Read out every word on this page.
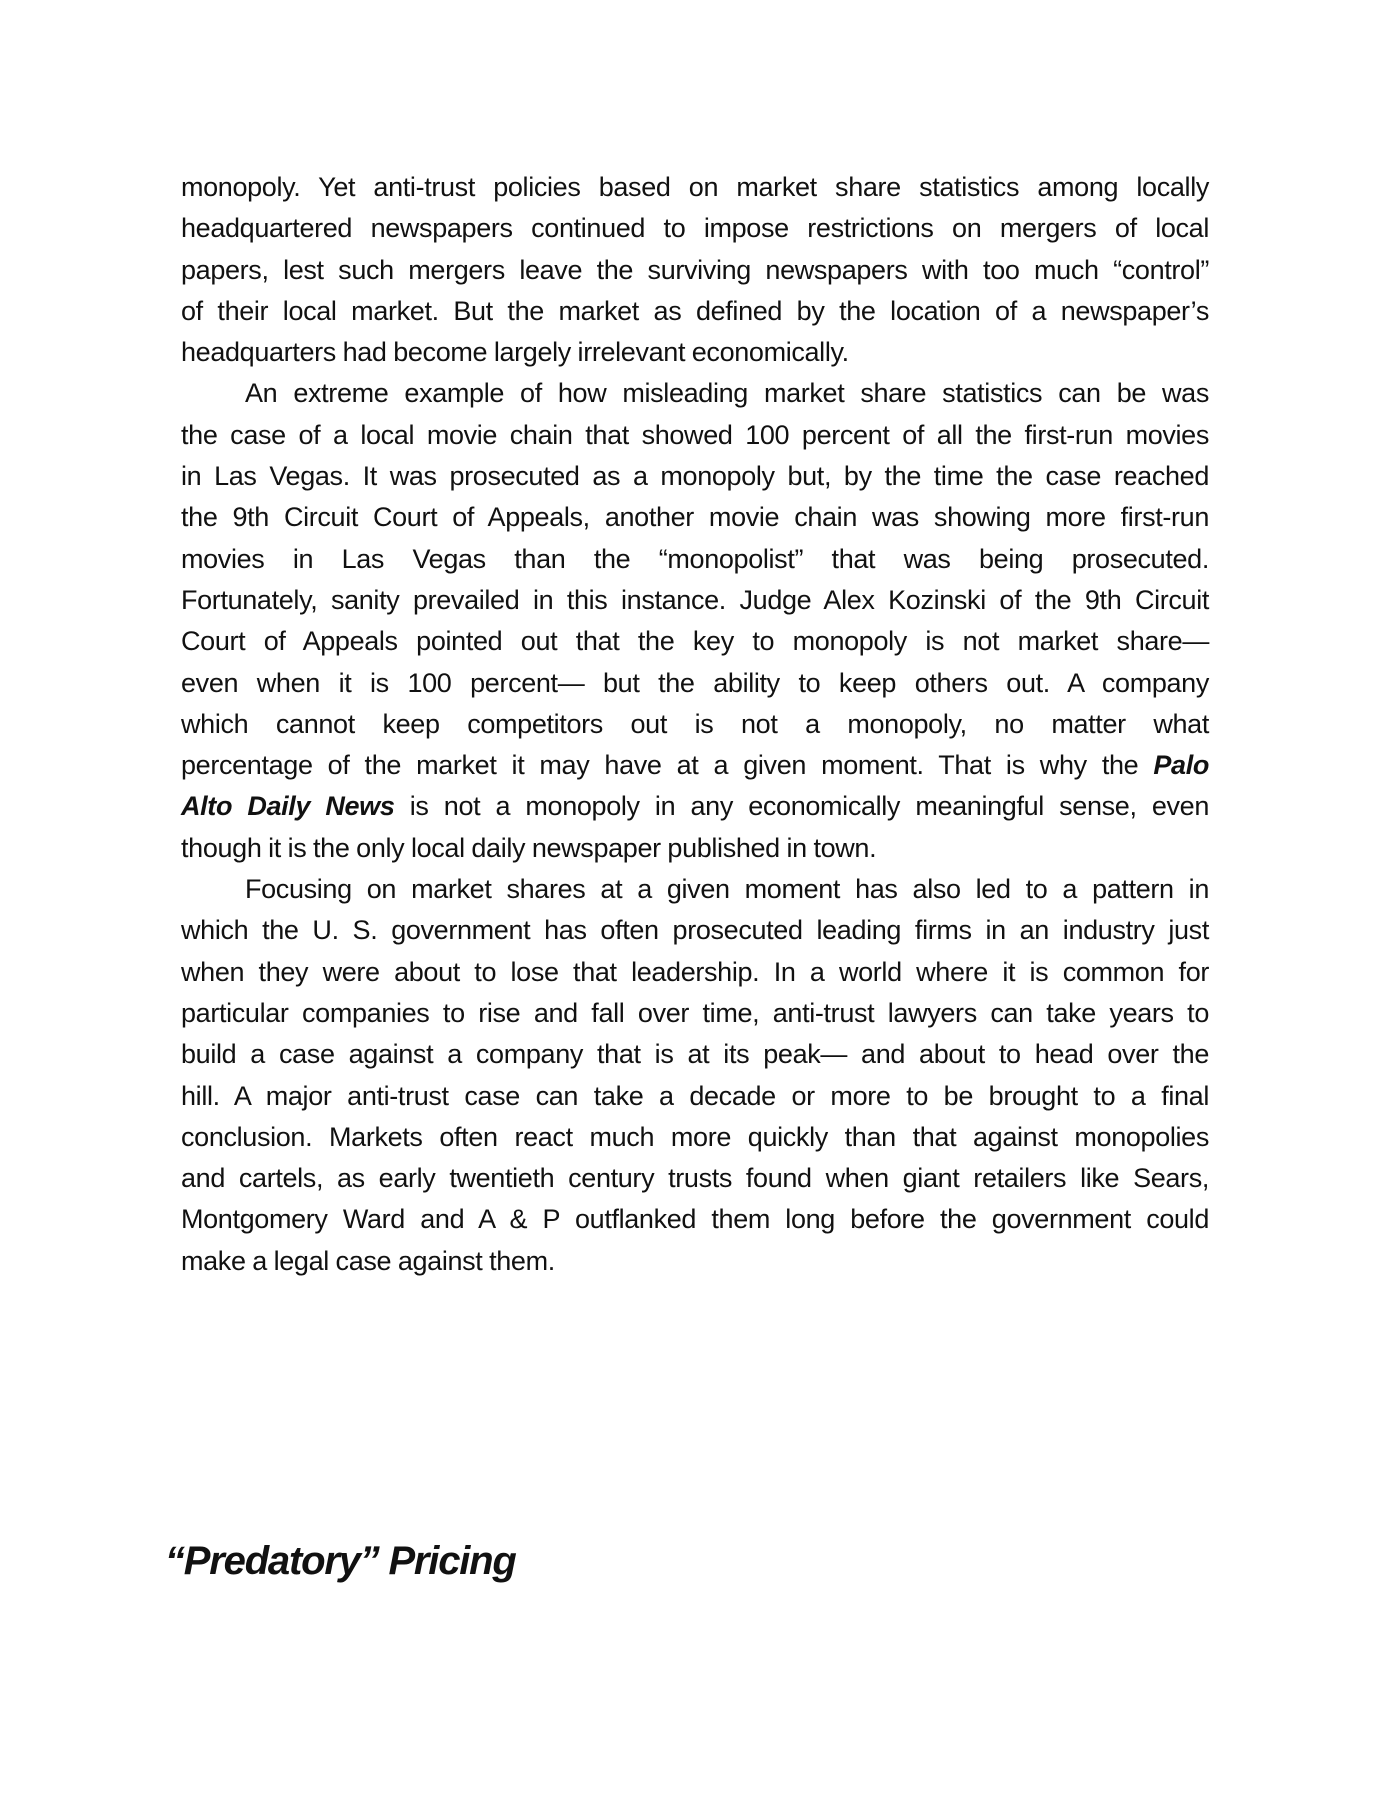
monopoly. Yet anti-trust policies based on market share statistics among locally
headquartered newspapers continued to impose restrictions on mergers of local
papers, lest such mergers leave the surviving newspapers with too much “control”
of their local market. But the market as defined by the location of a newspaper’s
headquarters had become largely irrelevant economically.
An extreme example of how misleading market share statistics can be was
the case of a local movie chain that showed 100 percent of all the first-run movies
in Las Vegas. It was prosecuted as a monopoly but, by the time the case reached
the 9th Circuit Court of Appeals, another movie chain was showing more first-run
movies in Las Vegas than the “monopolist” that was being prosecuted.
Fortunately, sanity prevailed in this instance. Judge Alex Kozinski of the 9th Circuit
Court of Appeals pointed out that the key to monopoly is not market share—
even when it is 100 percent— but the ability to keep others out. A company
which cannot keep competitors out is not a monopoly, no matter what
percentage of the market it may have at a given moment. That is why the Palo
Alto Daily News is not a monopoly in any economically meaningful sense, even
though it is the only local daily newspaper published in town.
Focusing on market shares at a given moment has also led to a pattern in
which the U. S. government has often prosecuted leading firms in an industry just
when they were about to lose that leadership. In a world where it is common for
particular companies to rise and fall over time, anti-trust lawyers can take years to
build a case against a company that is at its peak— and about to head over the
hill. A major anti-trust case can take a decade or more to be brought to a final
conclusion. Markets often react much more quickly than that against monopolies
and cartels, as early twentieth century trusts found when giant retailers like Sears,
Montgomery Ward and A & P outflanked them long before the government could
make a legal case against them.
“Predatory” Pricing
